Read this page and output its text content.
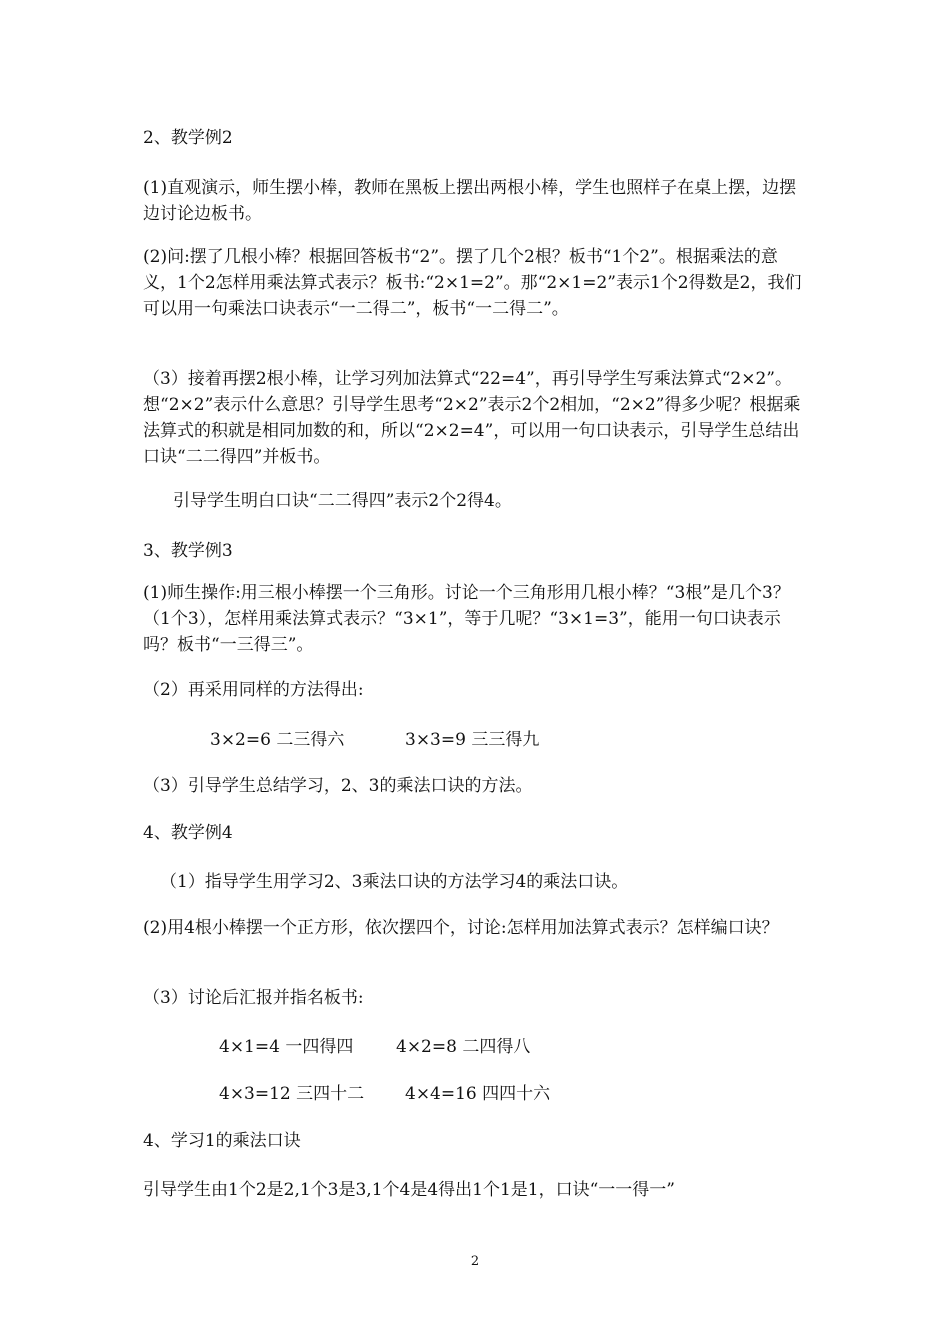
2、教学例2

(1)直观演示，师生摆小棒，教师在黑板上摆出两根小棒，学生也照样子在桌上摆，边摆边讨论边板书。

(2)问:摆了几根小棒？根据回答板书“2”。摆了几个2根？板书“1个2”。根据乘法的意义，1个2怎样用乘法算式表示？板书:“2×1=2”。那“2×1=2”表示1个2得数是2，我们可以用一句乘法口诀表示“一二得二”，板书“一二得二”。

（3）接着再摆2根小棒，让学习列加法算式“22=4”，再引导学生写乘法算式“2×2”。想“2×2”表示什么意思？引导学生思考“2×2”表示2个2相加，“2×2”得多少呢？根据乘法算式的积就是相同加数的和，所以“2×2=4”，可以用一句口诀表示，引导学生总结出口诀“二二得四”并板书。

引导学生明白口诀“二二得四”表示2个2得4。

3、教学例3

(1)师生操作:用三根小棒摆一个三角形。讨论一个三角形用几根小棒？“3根”是几个3？（1个3），怎样用乘法算式表示？“3×1”，等于几呢？“3×1=3”，能用一句口诀表示吗？板书“一三得三”。

（2）再采用同样的方法得出:

3×2=6 二三得六	3×3=9 三三得九

（3）引导学生总结学习，2、3的乘法口诀的方法。

4、教学例4

（1）指导学生用学习2、3乘法口诀的方法学习4的乘法口诀。

(2)用4根小棒摆一个正方形，依次摆四个，讨论:怎样用加法算式表示？怎样编口诀？

（3）讨论后汇报并指名板书:

4×1=4 一四得四	4×2=8 二四得八

4×3=12 三四十二 4×4=16 四四十六

4、学习1的乘法口诀

引导学生由1个2是2,1个3是3,1个4是4得出1个1是1，口诀“一一得一”

2
